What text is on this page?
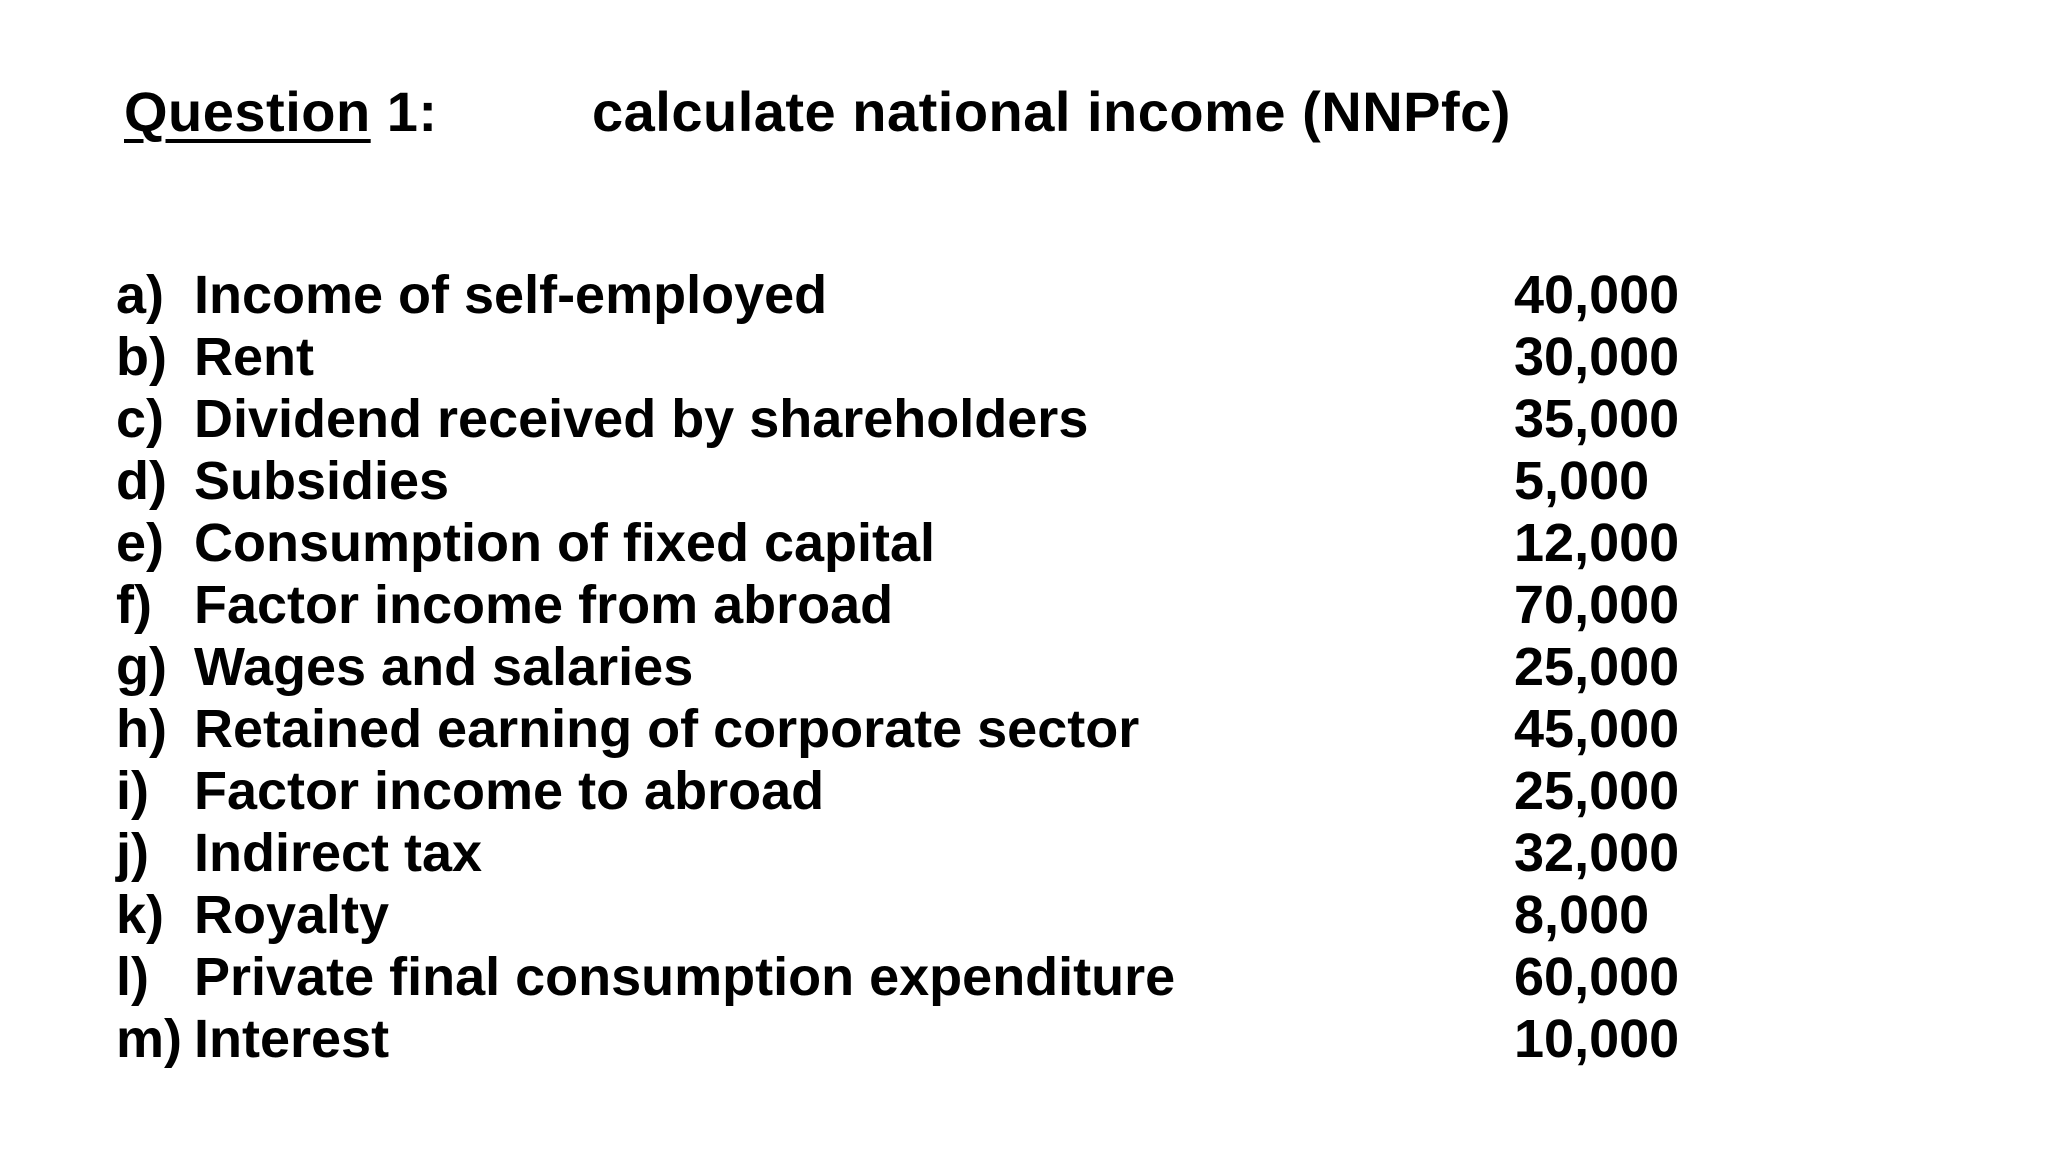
Question 1:	calculate national income (NNPfc)
a) Income of self-employed	40,000
b) Rent	30,000
c) Dividend received by shareholders	35,000
d) Subsidies	5,000
e) Consumption of fixed capital	12,000
f) Factor income from abroad	70,000
g) Wages and salaries	25,000
h) Retained earning of corporate sector	45,000
i) Factor income to abroad	25,000
j) Indirect tax	32,000
k) Royalty	8,000
l) Private final consumption expenditure	60,000
m) Interest	10,000
